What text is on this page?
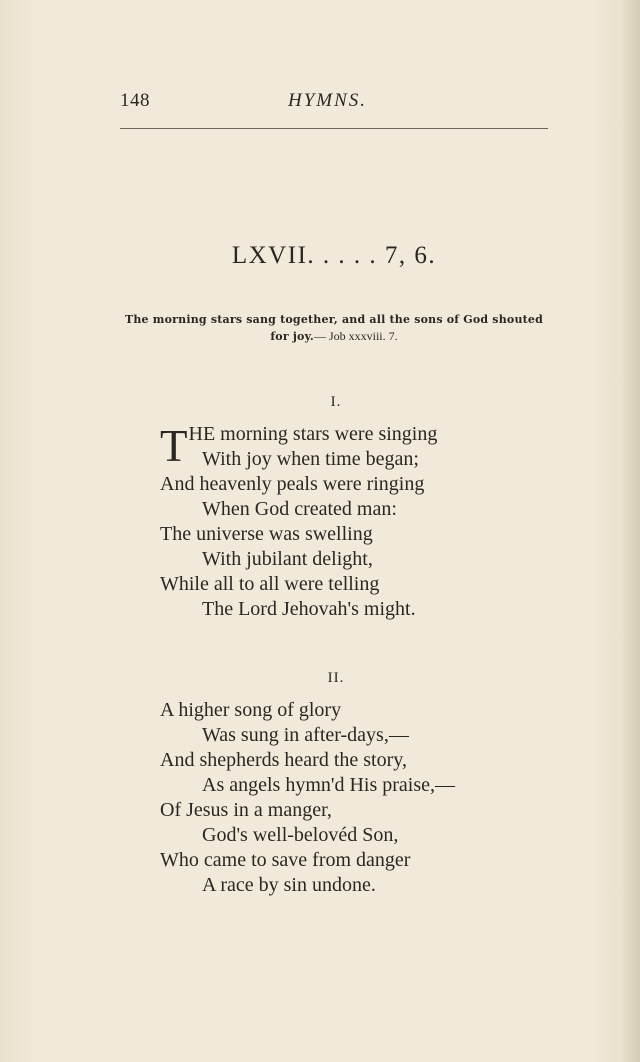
148	HYMNS.
LXVII. . . . . 7, 6.
The morning stars sang together, and all the sons of God shouted
for joy.— Job xxxviii. 7.
I.
THE morning stars were singing
With joy when time began;
And heavenly peals were ringing
When God created man:
The universe was swelling
With jubilant delight,
While all to all were telling
The Lord Jehovah's might.
II.
A higher song of glory
Was sung in after-days,—
And shepherds heard the story,
As angels hymn'd His praise,—
Of Jesus in a manger,
God's well-belovéd Son,
Who came to save from danger
A race by sin undone.
